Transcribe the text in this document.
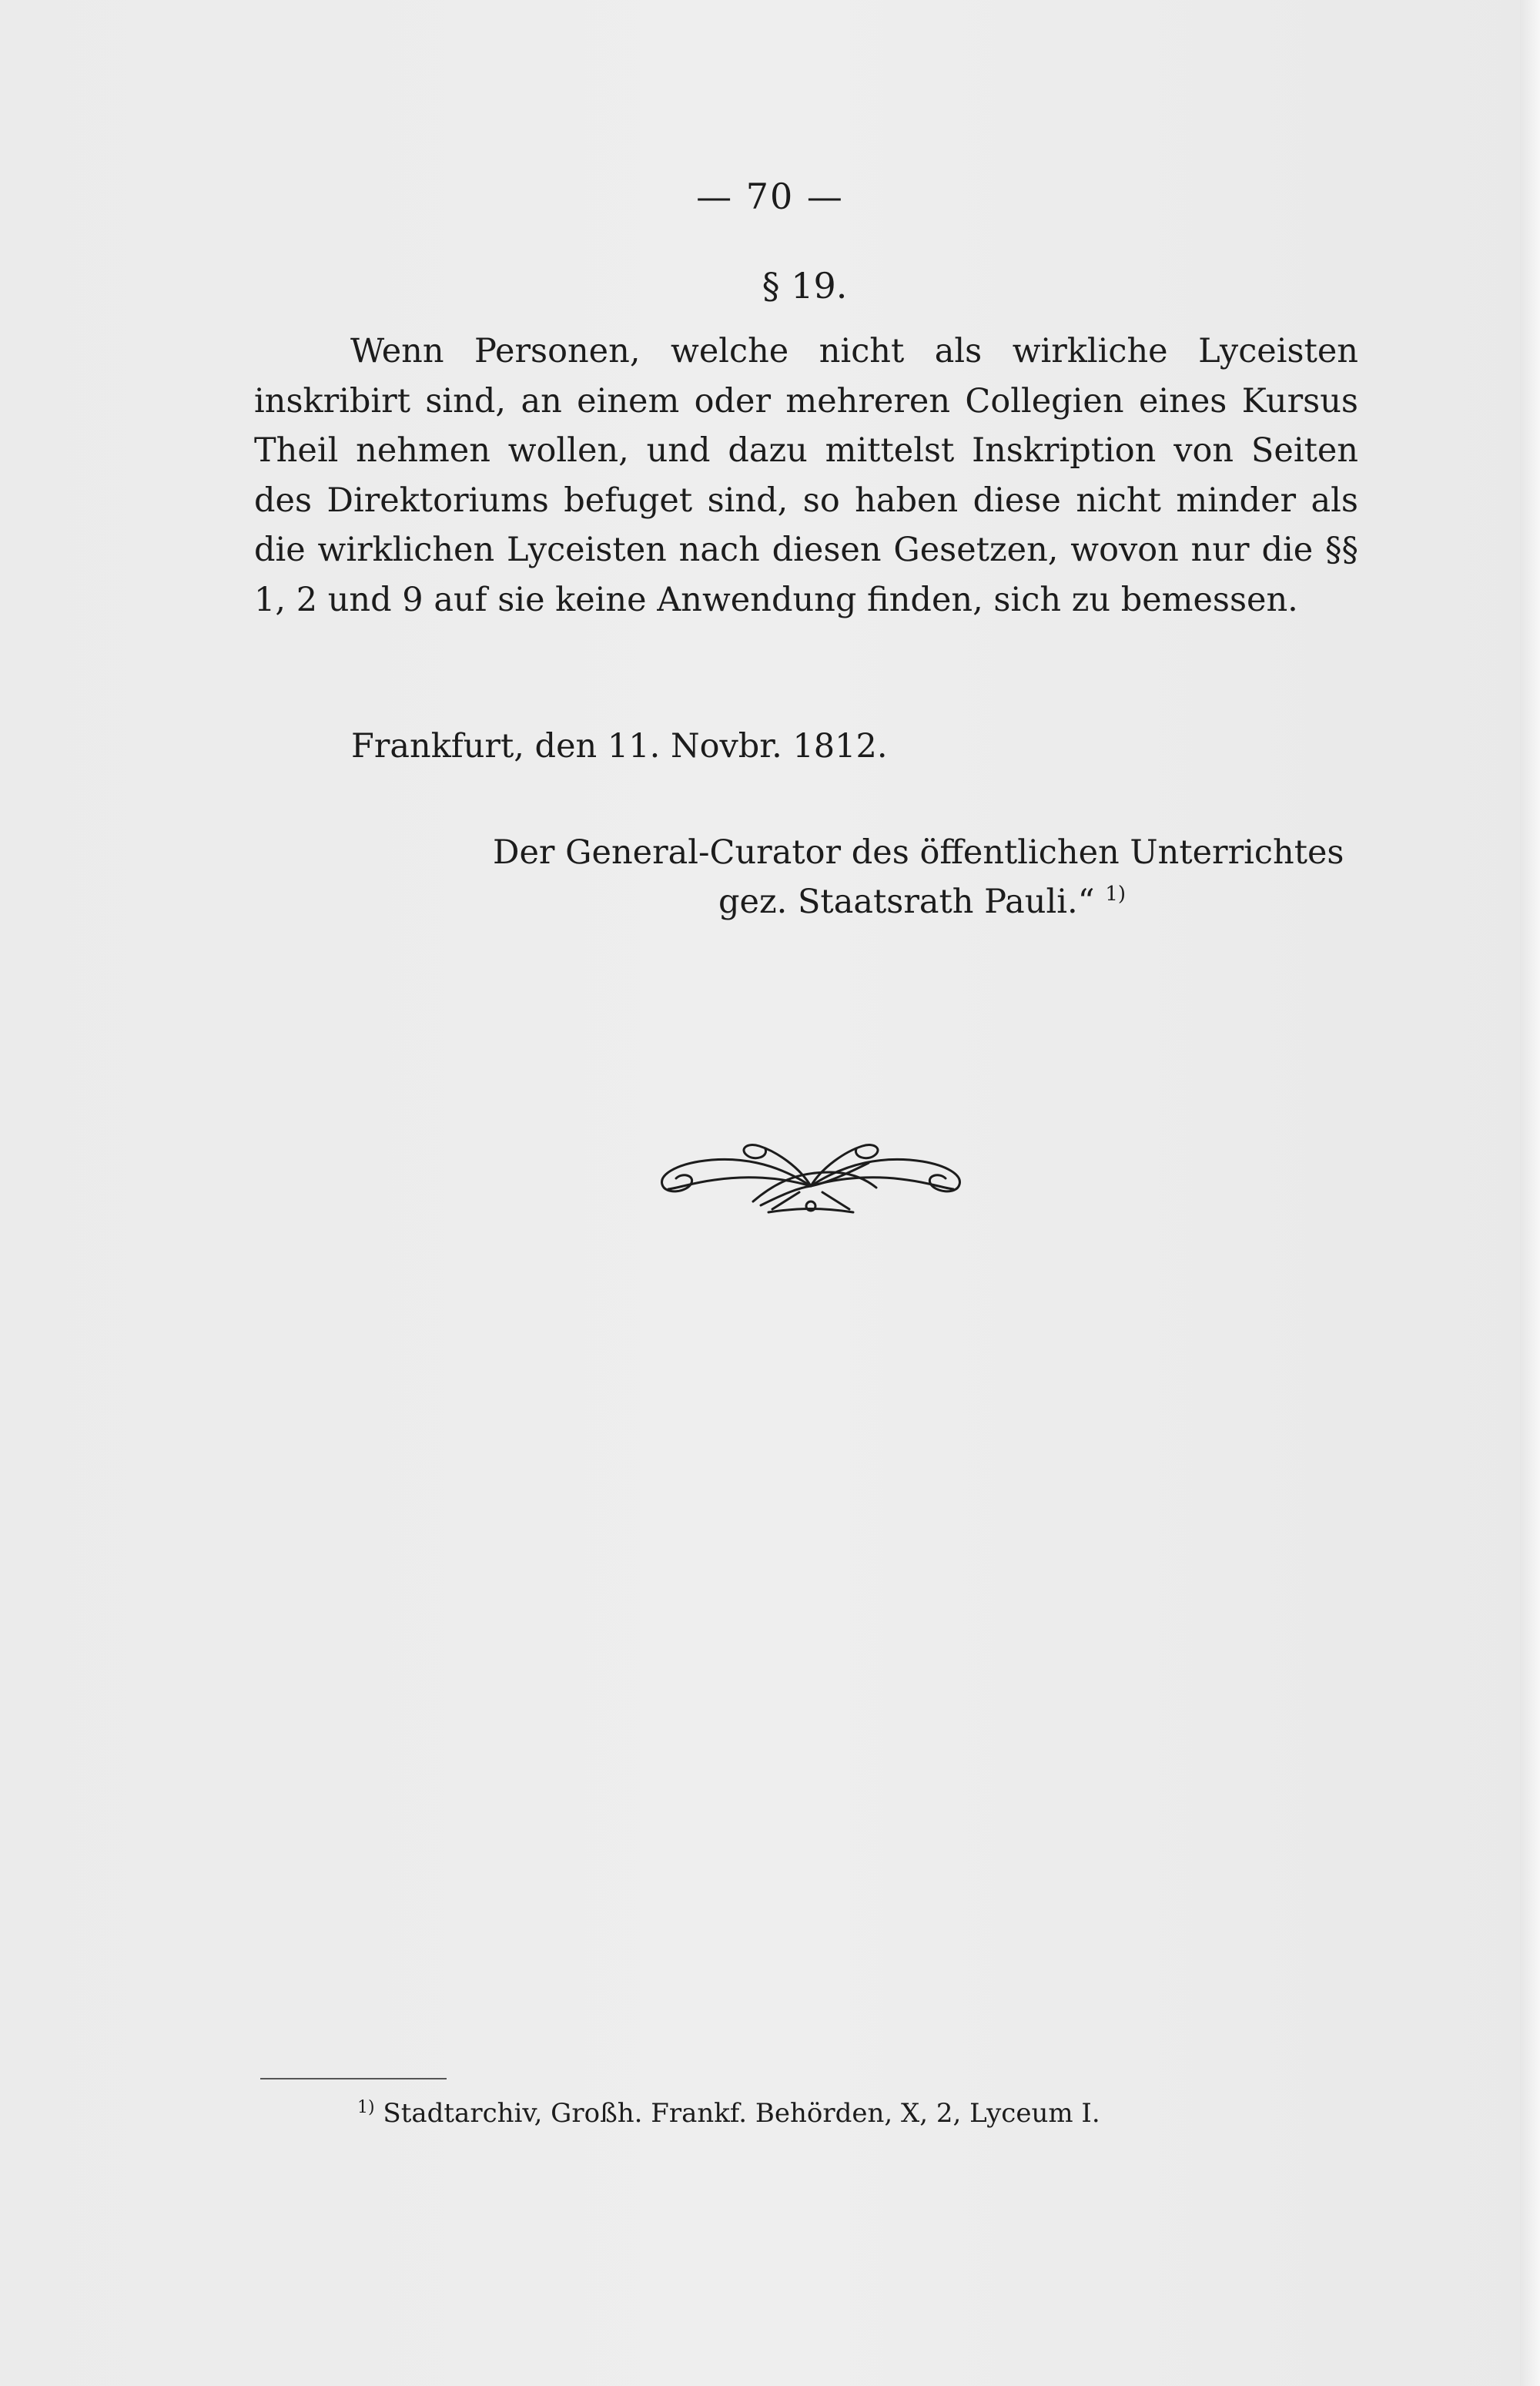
— 70 —
§ 19.

Wenn Personen, welche nicht als wirkliche Lyceisten inskribirt sind, an einem oder mehreren Collegien eines Kursus Theil nehmen wollen, und dazu mittelst Inskription von Seiten des Direktoriums befuget sind, so haben diese nicht minder als die wirklichen Lyceisten nach diesen Gesetzen, wovon nur die §§ 1, 2 und 9 auf sie keine Anwendung finden, sich zu bemessen.

Frankfurt, den 11. Novbr. 1812.
Der General-Curator des öffentlichen Unterrichtes
gez. Staatsrath Pauli.“ $^{1)}$
$^{1)}$ Stadtarchiv, Großh. Frankf. Behörden, X, 2, Lyceum I.
